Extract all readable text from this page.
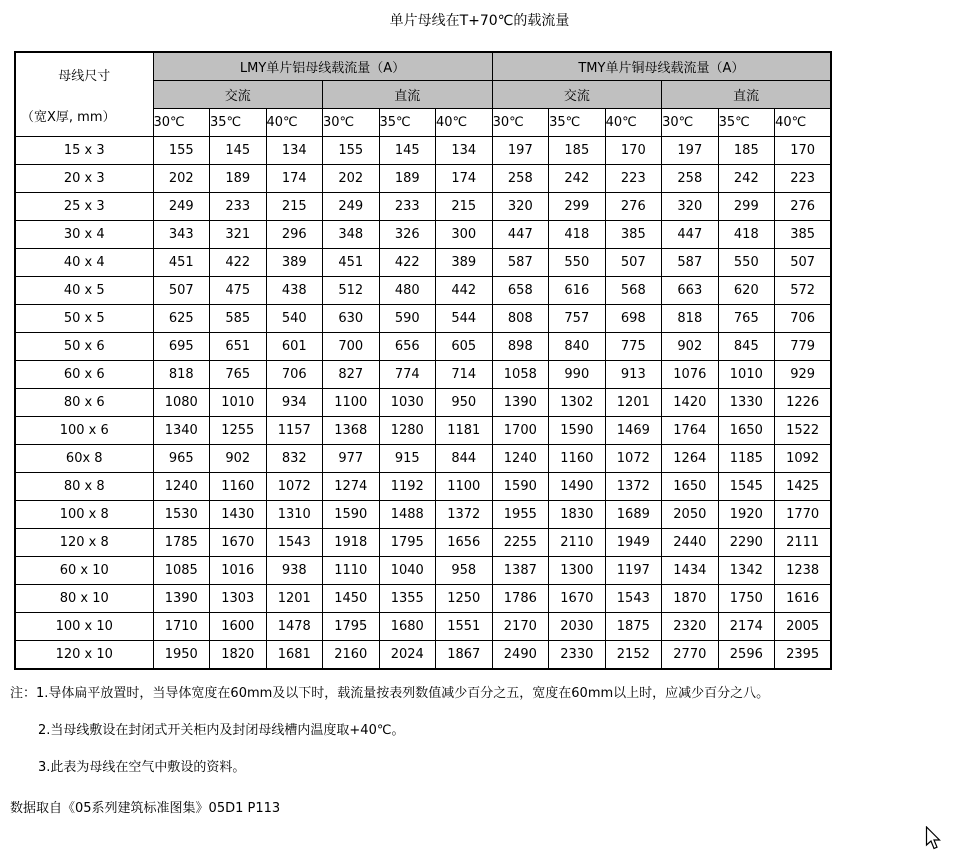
单片母线在T+70℃的载流量
母线尺寸
（宽X厚, mm）	LMY单片铝母线载流量（A）						TMY单片铜母线载流量（A）					
	交流			直流			交流			直流		
	30℃	35℃	40℃	30℃	35℃	40℃	30℃	35℃	40℃	30℃	35℃	40℃
15 x 3	155	145	134	155	145	134	197	185	170	197	185	170
20 x 3	202	189	174	202	189	174	258	242	223	258	242	223
25 x 3	249	233	215	249	233	215	320	299	276	320	299	276
30 x 4	343	321	296	348	326	300	447	418	385	447	418	385
40 x 4	451	422	389	451	422	389	587	550	507	587	550	507
40 x 5	507	475	438	512	480	442	658	616	568	663	620	572
50 x 5	625	585	540	630	590	544	808	757	698	818	765	706
50 x 6	695	651	601	700	656	605	898	840	775	902	845	779
60 x 6	818	765	706	827	774	714	1058	990	913	1076	1010	929
80 x 6	1080	1010	934	1100	1030	950	1390	1302	1201	1420	1330	1226
100 x 6	1340	1255	1157	1368	1280	1181	1700	1590	1469	1764	1650	1522
60x 8	965	902	832	977	915	844	1240	1160	1072	1264	1185	1092
80 x 8	1240	1160	1072	1274	1192	1100	1590	1490	1372	1650	1545	1425
100 x 8	1530	1430	1310	1590	1488	1372	1955	1830	1689	2050	1920	1770
120 x 8	1785	1670	1543	1918	1795	1656	2255	2110	1949	2440	2290	2111
60 x 10	1085	1016	938	1110	1040	958	1387	1300	1197	1434	1342	1238
80 x 10	1390	1303	1201	1450	1355	1250	1786	1670	1543	1870	1750	1616
100 x 10	1710	1600	1478	1795	1680	1551	2170	2030	1875	2320	2174	2005
120 x 10	1950	1820	1681	2160	2024	1867	2490	2330	2152	2770	2596	2395

注：1.导体扁平放置时，当导体宽度在60mm及以下时，载流量按表列数值减少百分之五，宽度在60mm以上时，应减少百分之八。

2.当母线敷设在封闭式开关柜内及封闭母线槽内温度取+40℃。

3.此表为母线在空气中敷设的资料。

数据取自《05系列建筑标准图集》05D1 P113
